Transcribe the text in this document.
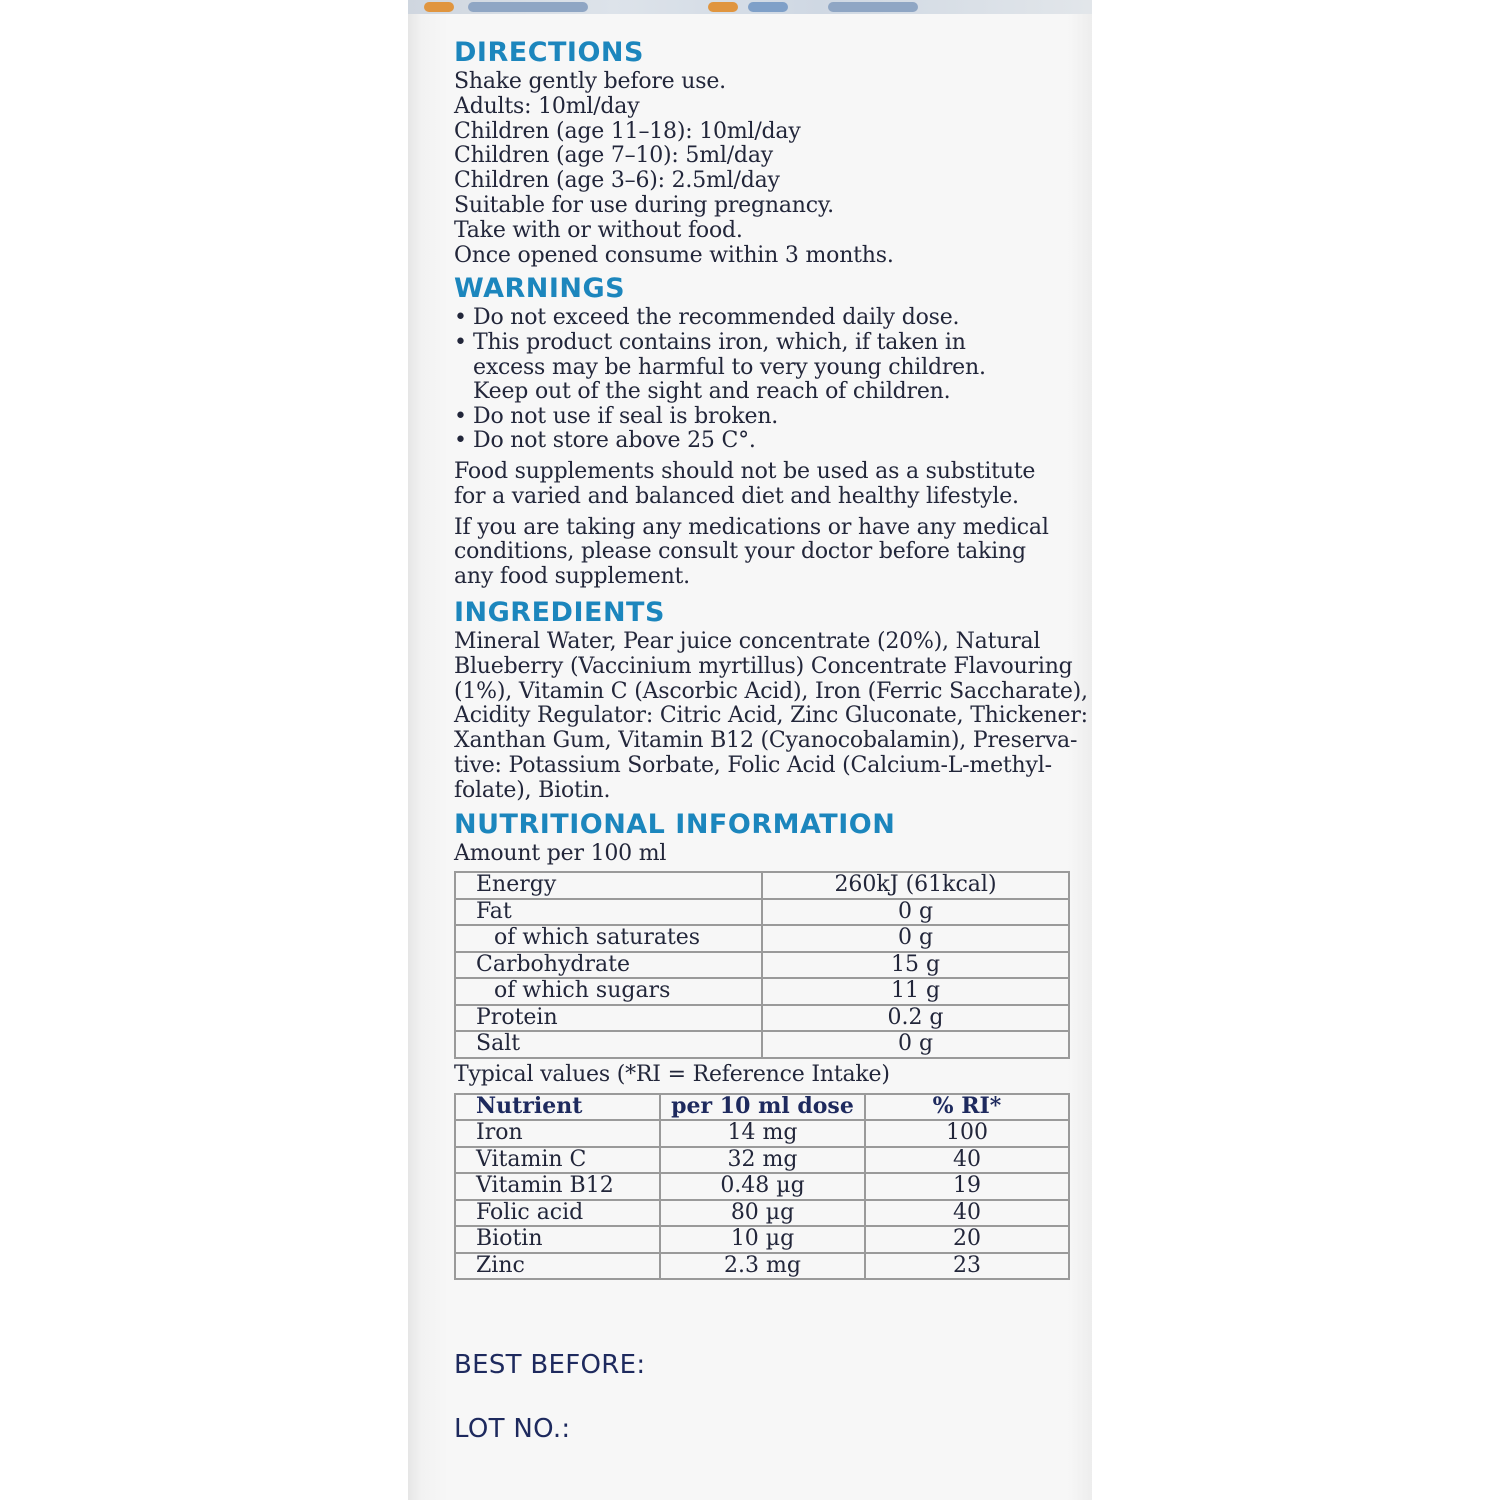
DIRECTIONS

Shake gently before use.

Adults: 10ml/day

Children (age 11–18): 10ml/day

Children (age 7–10): 5ml/day

Children (age 3–6): 2.5ml/day

Suitable for use during pregnancy.

Take with or without food.

Once opened consume within 3 months.

WARNINGS
• Do not exceed the recommended daily dose.
• This product contains iron, which, if taken in
excess may be harmful to very young children.
Keep out of the sight and reach of children.
• Do not use if seal is broken.
• Do not store above 25 C°.

Food supplements should not be used as a substitute

for a varied and balanced diet and healthy lifestyle.

If you are taking any medications or have any medical

conditions, please consult your doctor before taking

any food supplement.

INGREDIENTS

Mineral Water, Pear juice concentrate (20%), Natural

Blueberry (Vaccinium myrtillus) Concentrate Flavouring

(1%), Vitamin C (Ascorbic Acid), Iron (Ferric Saccharate),

Acidity Regulator: Citric Acid, Zinc Gluconate, Thickener:

Xanthan Gum, Vitamin B12 (Cyanocobalamin), Preserva-

tive: Potassium Sorbate, Folic Acid (Calcium-L-methyl-

folate), Biotin.

NUTRITIONAL INFORMATION

Amount per 100 ml

Energy	260kJ (61kcal)
Fat	0 g
of which saturates	0 g
Carbohydrate	15 g
of which sugars	11 g
Protein	0.2 g
Salt	0 g

Typical values (*RI = Reference Intake)

Nutrient	per 10 ml dose	% RI*
Iron	14 mg	100
Vitamin C	32 mg	40
Vitamin B12	0.48 µg	19
Folic acid	80 µg	40
Biotin	10 µg	20
Zinc	2.3 mg	23
BEST BEFORE:
LOT NO.:
